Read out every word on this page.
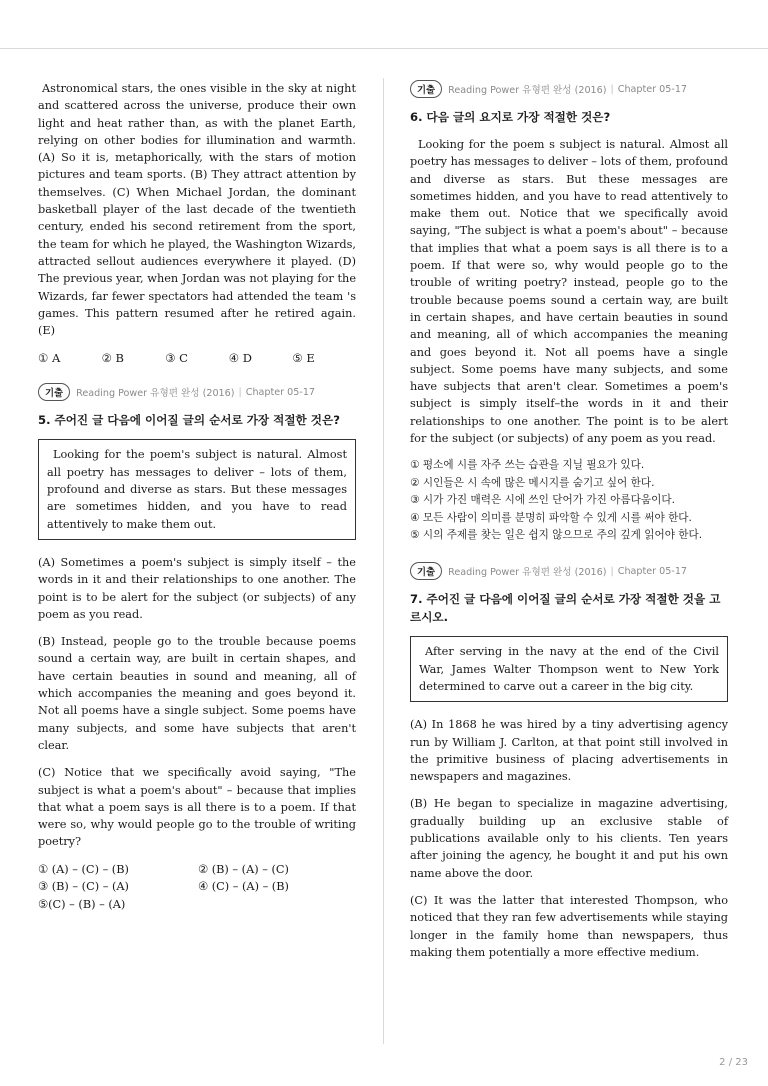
Astronomical stars, the ones visible in the sky at night and scattered across the universe, produce their own light and heat rather than, as with the planet Earth, relying on other bodies for illumination and warmth. (A) So it is, metaphorically, with the stars of motion pictures and team sports. (B) They attract attention by themselves. (C) When Michael Jordan, the dominant basketball player of the last decade of the twentieth century, ended his second retirement from the sport, the team for which he played, the Washington Wizards, attracted sellout audiences everywhere it played. (D) The previous year, when Jordan was not playing for the Wizards, far fewer spectators had attended the team 's games. This pattern resumed after he retired again. (E)

① A	② B	③ C	④ D	⑤ E
기출	Reading Power 유형편 완성 (2016) | Chapter 05-17
5. 주어진 글 다음에 이어질 글의 순서로 가장 적절한 것은?

Looking for the poem's subject is natural. Almost all poetry has messages to deliver – lots of them, profound and diverse as stars. But these messages are sometimes hidden, and you have to read attentively to make them out.

(A) Sometimes a poem's subject is simply itself – the words in it and their relationships to one another. The point is to be alert for the subject (or subjects) of any poem as you read.

(B) Instead, people go to the trouble because poems sound a certain way, are built in certain shapes, and have certain beauties in sound and meaning, all of which accompanies the meaning and goes beyond it. Not all poems have a single subject. Some poems have many subjects, and some have subjects that aren't clear.

(C) Notice that we specifically avoid saying, "The subject is what a poem's about" – because that implies that what a poem says is all there is to a poem. If that were so, why would people go to the trouble of writing poetry?

① (A) – (C) – (B)	② (B) – (A) – (C)
③ (B) – (C) – (A)	④ (C) – (A) – (B)
⑤(C) – (B) – (A)
기출	Reading Power 유형편 완성 (2016) | Chapter 05-17
6. 다음 글의 요지로 가장 적절한 것은?

Looking for the poem s subject is natural. Almost all poetry has messages to deliver – lots of them, profound and diverse as stars. But these messages are sometimes hidden, and you have to read attentively to make them out. Notice that we specifically avoid saying, "The subject is what a poem's about" – because that implies that what a poem says is all there is to a poem. If that were so, why would people go to the trouble of writing poetry? instead, people go to the trouble because poems sound a certain way, are built in certain shapes, and have certain beauties in sound and meaning, all of which accompanies the meaning and goes beyond it. Not all poems have a single subject. Some poems have many subjects, and some have subjects that aren't clear. Sometimes a poem's subject is simply itself–the words in it and their relationships to one another. The point is to be alert for the subject (or subjects) of any poem as you read.

① 평소에 시를 자주 쓰는 습관을 지닐 필요가 있다.
② 시인들은 시 속에 많은 메시지를 숨기고 싶어 한다.
③ 시가 가진 매력은 시에 쓰인 단어가 가진 아름다움이다.
④ 모든 사람이 의미를 분명히 파악할 수 있게 시를 써야 한다.
⑤ 시의 주제를 찾는 일은 쉽지 않으므로 주의 깊게 읽어야 한다.
기출	Reading Power 유형편 완성 (2016) | Chapter 05-17
7. 주어진 글 다음에 이어질 글의 순서로 가장 적절한 것을 고르시오.

After serving in the navy at the end of the Civil War, James Walter Thompson went to New York determined to carve out a career in the big city.

(A) In 1868 he was hired by a tiny advertising agency run by William J. Carlton, at that point still involved in the primitive business of placing advertisements in newspapers and magazines.

(B) He began to specialize in magazine advertising, gradually building up an exclusive stable of publications available only to his clients. Ten years after joining the agency, he bought it and put his own name above the door.

(C) It was the latter that interested Thompson, who noticed that they ran few advertisements while staying longer in the family home than newspapers, thus making them potentially a more effective medium.

2 / 23
